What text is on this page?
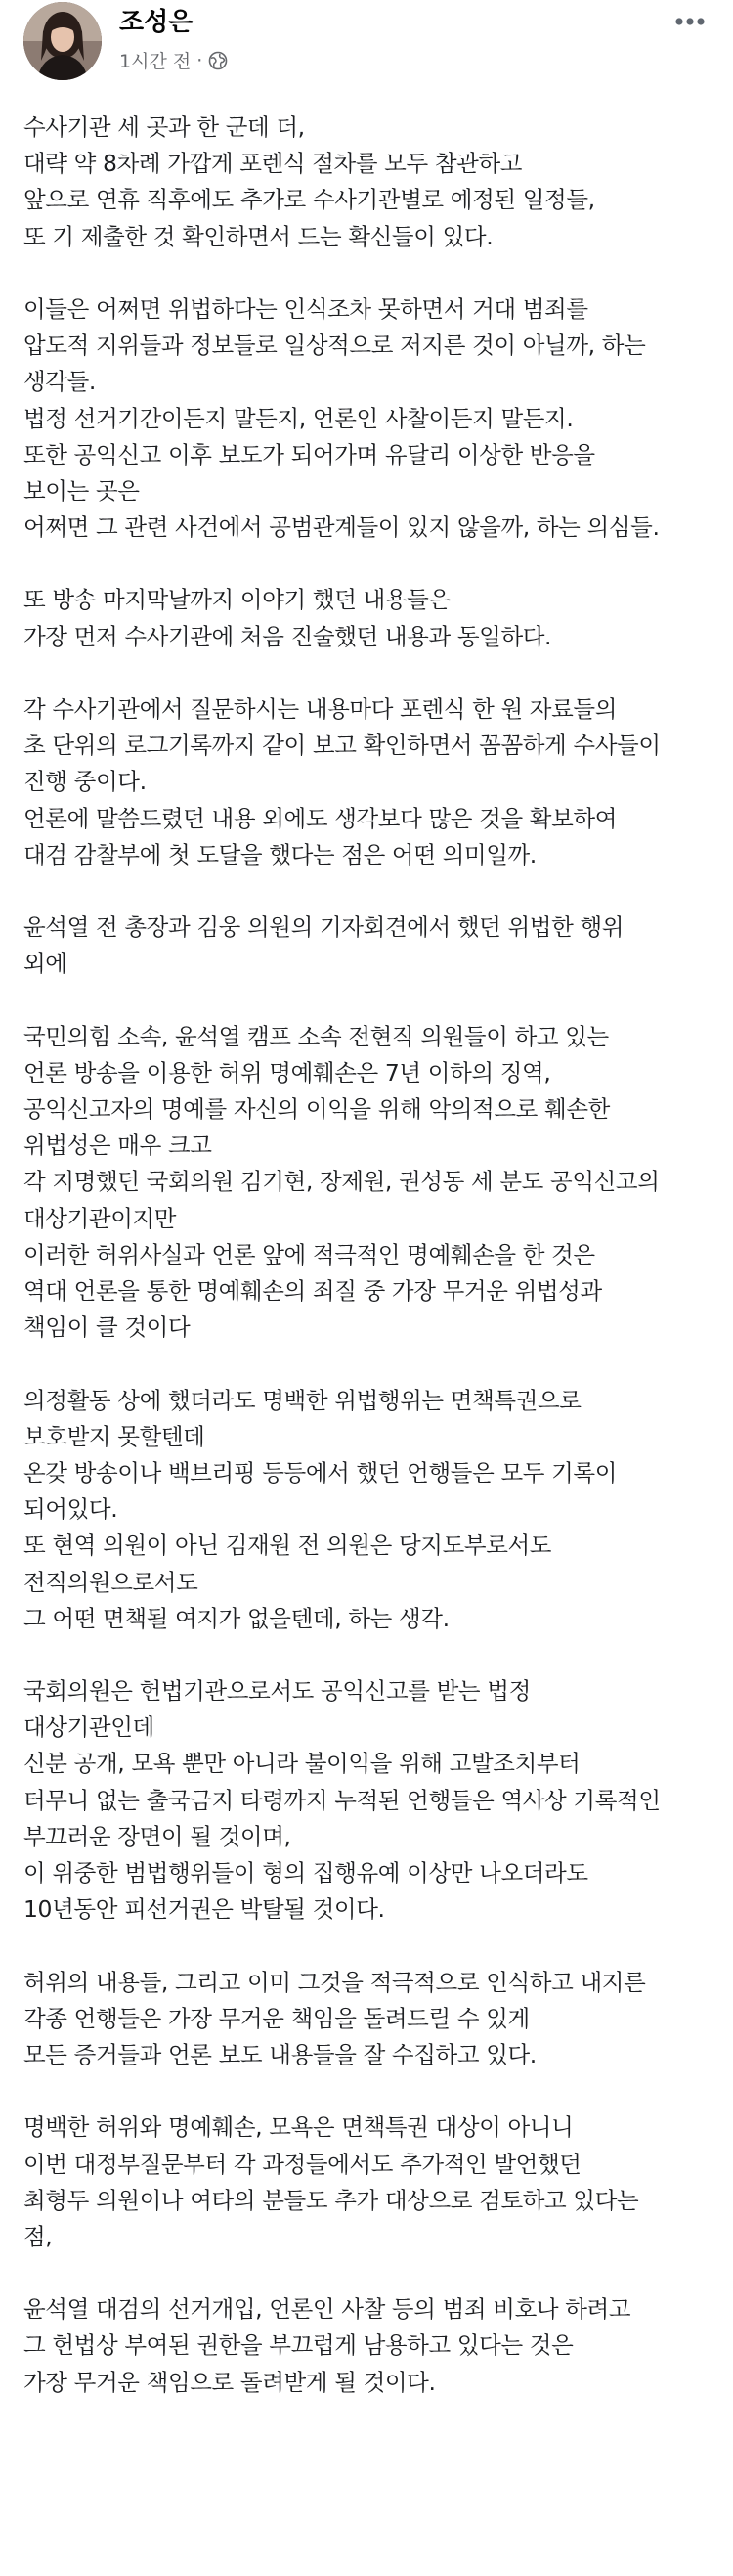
조성은
1시간 전 ·
수사기관 세 곳과 한 군데 더,
대략 약 8차례 가깝게 포렌식 절차를 모두 참관하고
앞으로 연휴 직후에도 추가로 수사기관별로 예정된 일정들,
또 기 제출한 것 확인하면서 드는 확신들이 있다.
이들은 어쩌면 위법하다는 인식조차 못하면서 거대 범죄를
압도적 지위들과 정보들로 일상적으로 저지른 것이 아닐까, 하는
생각들.
법정 선거기간이든지 말든지, 언론인 사찰이든지 말든지.
또한 공익신고 이후 보도가 되어가며 유달리 이상한 반응을
보이는 곳은
어쩌면 그 관련 사건에서 공범관계들이 있지 않을까, 하는 의심들.
또 방송 마지막날까지 이야기 했던 내용들은
가장 먼저 수사기관에 처음 진술했던 내용과 동일하다.
각 수사기관에서 질문하시는 내용마다 포렌식 한 원 자료들의
초 단위의 로그기록까지 같이 보고 확인하면서 꼼꼼하게 수사들이
진행 중이다.
언론에 말씀드렸던 내용 외에도 생각보다 많은 것을 확보하여
대검 감찰부에 첫 도달을 했다는 점은 어떤 의미일까.
윤석열 전 총장과 김웅 의원의 기자회견에서 했던 위법한 행위
외에
국민의힘 소속, 윤석열 캠프 소속 전현직 의원들이 하고 있는
언론 방송을 이용한 허위 명예훼손은 7년 이하의 징역,
공익신고자의 명예를 자신의 이익을 위해 악의적으로 훼손한
위법성은 매우 크고
각 지명했던 국회의원 김기현, 장제원, 권성동 세 분도 공익신고의
대상기관이지만
이러한 허위사실과 언론 앞에 적극적인 명예훼손을 한 것은
역대 언론을 통한 명예훼손의 죄질 중 가장 무거운 위법성과
책임이 클 것이다
의정활동 상에 했더라도 명백한 위법행위는 면책특권으로
보호받지 못할텐데
온갖 방송이나 백브리핑 등등에서 했던 언행들은 모두 기록이
되어있다.
또 현역 의원이 아닌 김재원 전 의원은 당지도부로서도
전직의원으로서도
그 어떤 면책될 여지가 없을텐데, 하는 생각.
국회의원은 헌법기관으로서도 공익신고를 받는 법정
대상기관인데
신분 공개, 모욕 뿐만 아니라 불이익을 위해 고발조치부터
터무니 없는 출국금지 타령까지 누적된 언행들은 역사상 기록적인
부끄러운 장면이 될 것이며,
이 위중한 범법행위들이 형의 집행유예 이상만 나오더라도
10년동안 피선거권은 박탈될 것이다.
허위의 내용들, 그리고 이미 그것을 적극적으로 인식하고 내지른
각종 언행들은 가장 무거운 책임을 돌려드릴 수 있게
모든 증거들과 언론 보도 내용들을 잘 수집하고 있다.
명백한 허위와 명예훼손, 모욕은 면책특권 대상이 아니니
이번 대정부질문부터 각 과정들에서도 추가적인 발언했던
최형두 의원이나 여타의 분들도 추가 대상으로 검토하고 있다는
점,
윤석열 대검의 선거개입, 언론인 사찰 등의 범죄 비호나 하려고
그 헌법상 부여된 권한을 부끄럽게 남용하고 있다는 것은
가장 무거운 책임으로 돌려받게 될 것이다.
